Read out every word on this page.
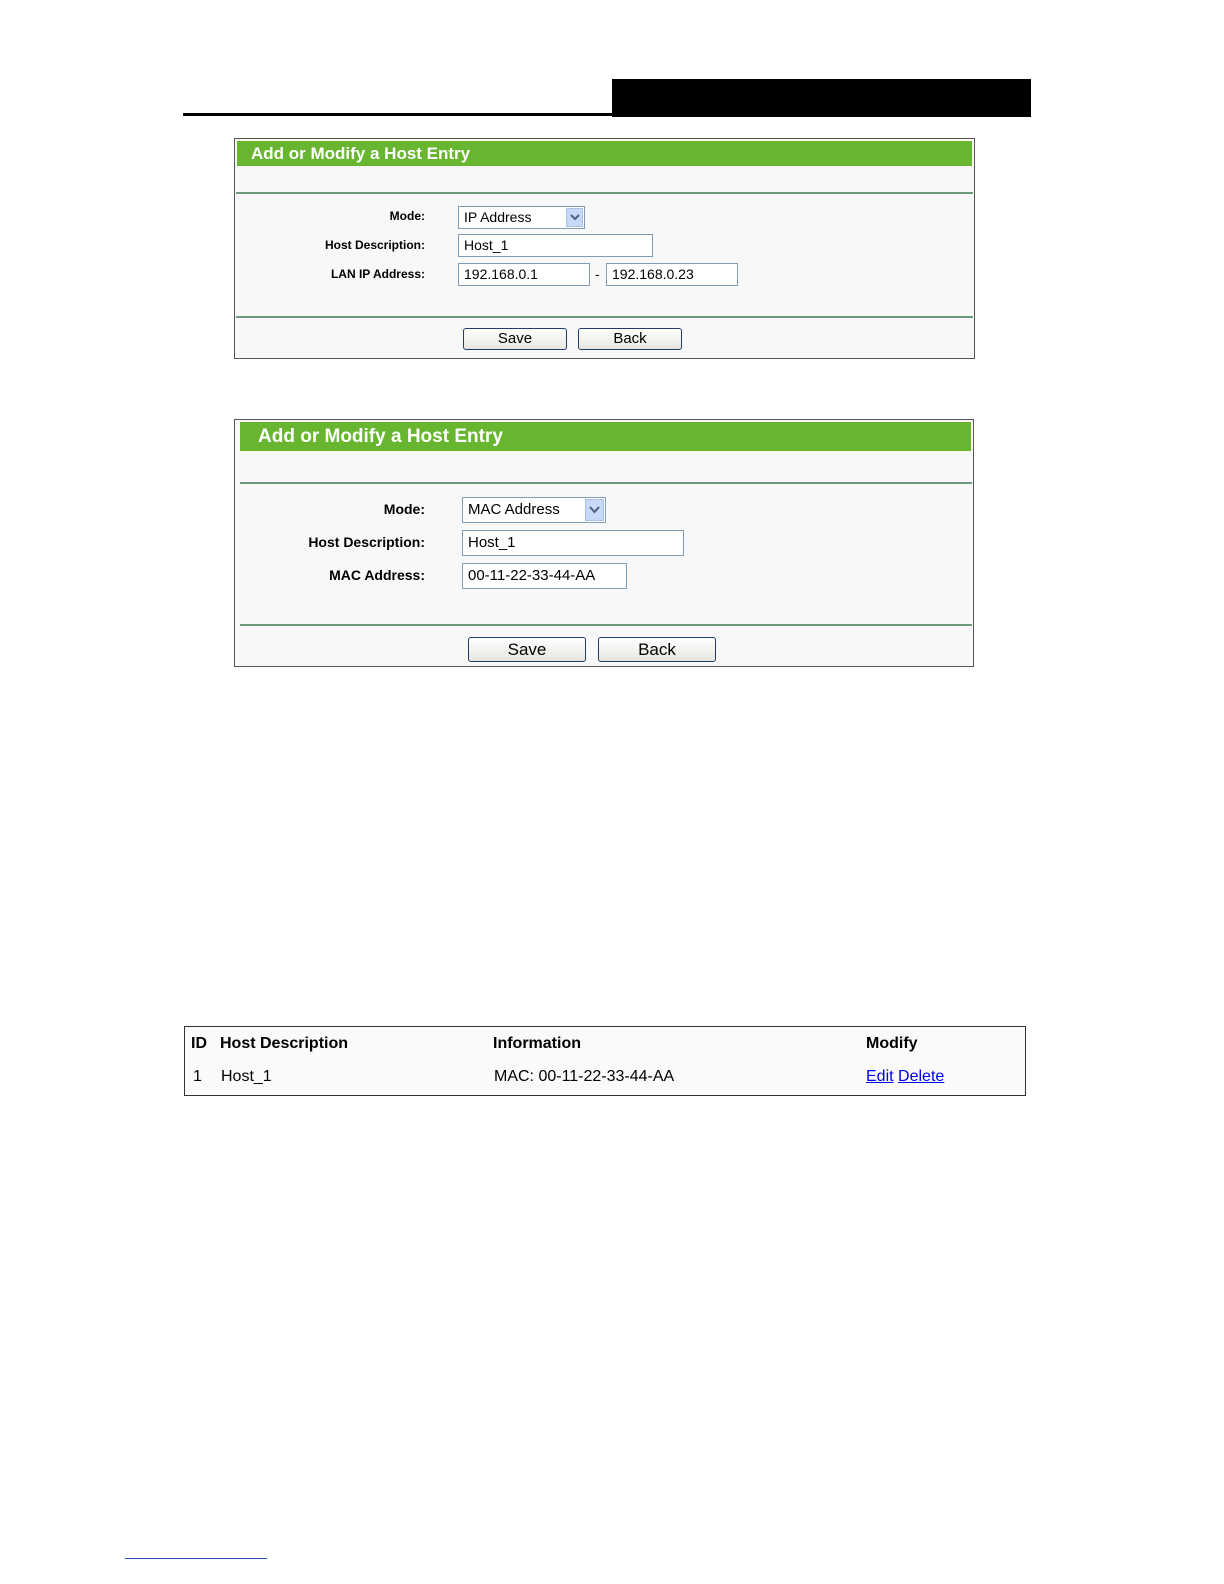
Add or Modify a Host Entry
Mode:	IP Address
Host Description:	Host_1
LAN IP Address:	192.168.0.1	- 192.168.0.23
Save	Back
Add or Modify a Host Entry
Mode:	MAC Address
Host Description:	Host_1
MAC Address:	00-11-22-33-44-AA
Save	Back
ID Host Description	Information	Modify
1 Host_1	MAC: 00-11-22-33-44-AA	Edit Delete
